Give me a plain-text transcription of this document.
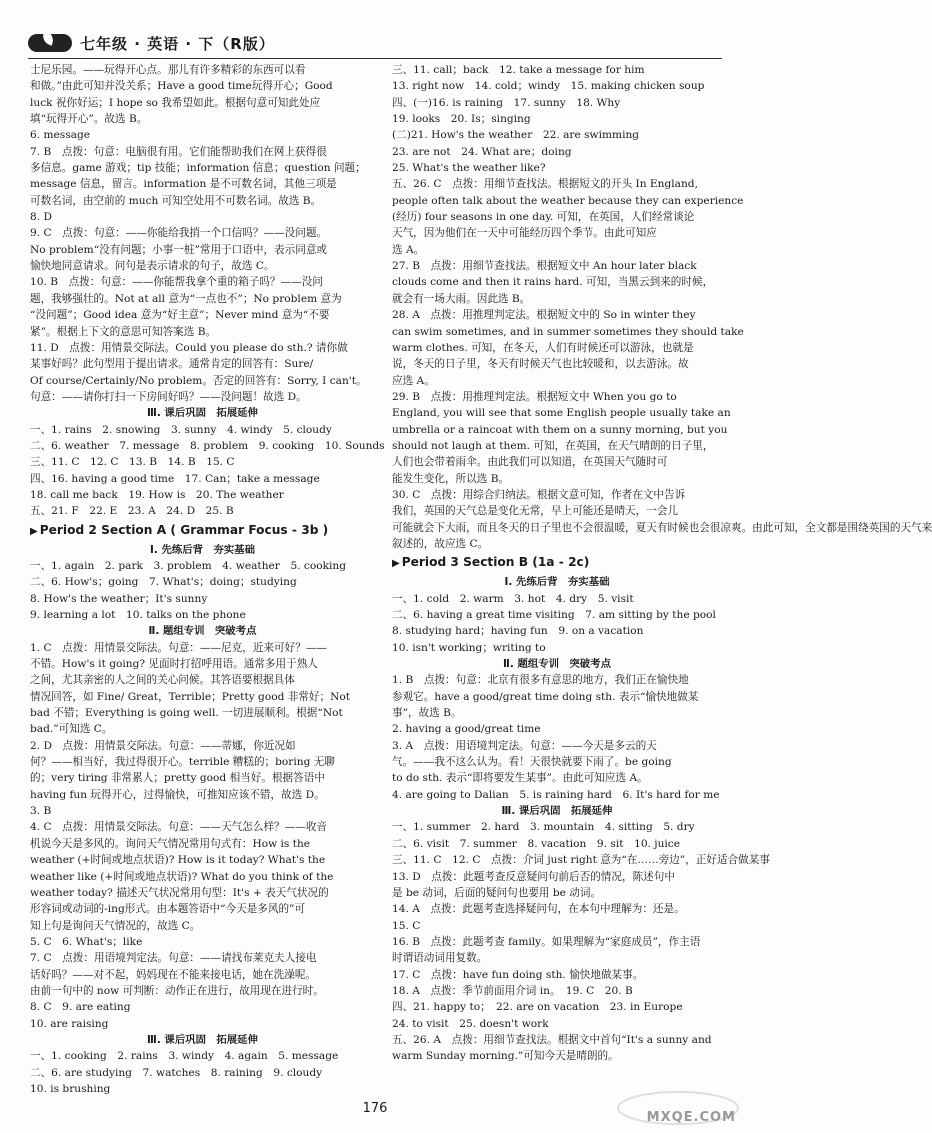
七年级 · 英语 · 下（R版）
士尼乐园。——玩得开心点。那儿有许多精彩的东西可以看
和做。”由此可知并没关系；Have a good time玩得开心；Good
luck 祝你好运；I hope so 我希望如此。根据句意可知此处应
填“玩得开心”。故选 B。
6. message
7. B　点拨：句意：电脑很有用。它们能帮助我们在网上获得很
多信息。game 游戏；tip 技能；information 信息；question 问题；
message 信息，留言。information 是不可数名词，其他三项是
可数名词，由空前的 much 可知空处用不可数名词。故选 B。
8. D
9. C　点拨：句意：——你能给我捎一个口信吗？——没问题。
No problem“没有问题；小事一桩”常用于口语中，表示同意或
愉快地同意请求。问句是表示请求的句子，故选 C。
10. B　点拨：句意：——你能帮我拿个重的箱子吗？——没问
题，我够强壮的。Not at all 意为“一点也不”；No problem 意为
“没问题”；Good idea 意为“好主意”；Never mind 意为“不要
紧”。根据上下文的意思可知答案选 B。
11. D　点拨：用情景交际法。Could you please do sth.? 请你做
某事好吗？此句型用于提出请求。通常肯定的回答有：Sure/
Of course/Certainly/No problem。否定的回答有：Sorry, I can't。
句意：——请你打扫一下房间好吗？——没问题！故选 D。
Ⅲ. 课后巩固　拓展延伸
一、1. rains　2. snowing　3. sunny　4. windy　5. cloudy
二、6. weather　7. message　8. problem　9. cooking　10. Sounds
三、11. C　12. C　13. B　14. B　15. C
四、16. having a good time　17. Can；take a message
18. call me back　19. How is　20. The weather
五、21. F　22. E　23. A　24. D　25. B
▶ Period 2 Section A ( Grammar Focus - 3b )
Ⅰ. 先练后背　夯实基础
一、1. again　2. park　3. problem　4. weather　5. cooking
二、6. How's；going　7. What's；doing；studying
8. How's the weather；It's sunny
9. learning a lot　10. talks on the phone
Ⅱ. 题组专训　突破考点
1. C　点拨：用情景交际法。句意：——尼克，近来可好？——
不错。How's it going? 见面时打招呼用语。通常多用于熟人
之间，尤其亲密的人之间的关心问候。其答语要根据具体
情况回答，如 Fine/ Great，Terrible；Pretty good 非常好；Not
bad 不错；Everything is going well. 一切进展顺利。根据“Not
bad.”可知选 C。
2. D　点拨：用情景交际法。句意：——蒂娜，你近况如
何？——相当好，我过得很开心。terrible 糟糕的；boring 无聊
的；very tiring 非常累人；pretty good 相当好。根据答语中
having fun 玩得开心，过得愉快，可推知应该不错，故选 D。
3. B
4. C　点拨：用情景交际法。句意：——天气怎么样？——收音
机说今天是多风的。询问天气情况常用句式有：How is the
weather (+时间或地点状语)? How is it today? What's the
weather like (+时间或地点状语)? What do you think of the
weather today? 描述天气状况常用句型：It's + 表天气状况的
形容词或动词的-ing形式。由本题答语中“今天是多风的”可
知上句是询问天气情况的，故选 C。
5. C　6. What's；like
7. C　点拨：用语境判定法。句意：——请找布莱克夫人接电
话好吗？——对不起，妈妈现在不能来接电话，她在洗澡呢。
由前一句中的 now 可判断：动作正在进行，故用现在进行时。
8. C　9. are eating
10. are raising
Ⅲ. 课后巩固　拓展延伸
一、1. cooking　2. rains　3. windy　4. again　5. message
二、6. are studying　7. watches　8. raining　9. cloudy
10. is brushing
三、11. call；back　12. take a message for him
13. right now　14. cold；windy　15. making chicken soup
四、(一)16. is raining　17. sunny　18. Why
19. looks　20. Is；singing
(二)21. How's the weather　22. are swimming
23. are not　24. What are；doing
25. What's the weather like?
五、26. C　点拨：用细节查找法。根据短文的开头 In England,
people often talk about the weather because they can experience
(经历) four seasons in one day. 可知，在英国，人们经常谈论
天气，因为他们在一天中可能经历四个季节。由此可知应
选 A。
27. B　点拨：用细节查找法。根据短文中 An hour later black
clouds come and then it rains hard. 可知，当黑云到来的时候，
就会有一场大雨。因此选 B。
28. A　点拨：用推理判定法。根据短文中的 So in winter they
can swim sometimes, and in summer sometimes they should take
warm clothes. 可知，在冬天，人们有时候还可以游泳，也就是
说，冬天的日子里，冬天有时候天气也比较暖和，以去游泳。故
应选 A。
29. B　点拨：用推理判定法。根据短文中 When you go to
England, you will see that some English people usually take an
umbrella or a raincoat with them on a sunny morning, but you
should not laugh at them. 可知，在英国，在天气晴朗的日子里，
人们也会带着雨伞。由此我们可以知道，在英国天气随时可
能发生变化，所以选 B。
30. C　点拨：用综合归纳法。根据文意可知，作者在文中告诉
我们，英国的天气总是变化无常，早上可能还是晴天，一会儿
可能就会下大雨，而且冬天的日子里也不会很温暖，夏天有时候也会很凉爽。由此可知，全文都是围绕英国的天气来
叙述的，故应选 C。
▶ Period 3 Section B (1a - 2c)
Ⅰ. 先练后背　夯实基础
一、1. cold　2. warm　3. hot　4. dry　5. visit
二、6. having a great time visiting　7. am sitting by the pool
8. studying hard；having fun　9. on a vacation
10. isn't working；writing to
Ⅱ. 题组专训　突破考点
1. B　点拨：句意：北京有很多有意思的地方，我们正在愉快地
参观它。have a good/great time doing sth. 表示“愉快地做某
事”，故选 B。
2. having a good/great time
3. A　点拨：用语境判定法。句意：——今天是多云的天
气。——我不这么认为。看！天很快就要下雨了。be going
to do sth. 表示“即将要发生某事”。由此可知应选 A。
4. are going to Dalian　5. is raining hard　6. It's hard for me
Ⅲ. 课后巩固　拓展延伸
一、1. summer　2. hard　3. mountain　4. sitting　5. dry
二、6. visit　7. summer　8. vacation　9. sit　10. juice
三、11. C　12. C　点拨：介词 just right 意为“在……旁边”，正好适合做某事
13. D　点拨：此题考查反意疑问句前后否的情况，陈述句中
是 be 动词，后面的疑问句也要用 be 动词。
14. A　点拨：此题考查选择疑问句，在本句中理解为：还是。
15. C
16. B　点拨：此题考查 family。如果理解为“家庭成员”，作主语
时谓语动词用复数。
17. C　点拨：have fun doing sth. 愉快地做某事。
18. A　点拨：季节前面用介词 in。　19. C　20. B
四、21. happy to；　22. are on vacation　23. in Europe
24. to visit　25. doesn't work
五、26. A　点拨：用细节查找法。根据文中首句“It's a sunny and
warm Sunday morning.”可知今天是晴朗的。
176
MXQE.COM
